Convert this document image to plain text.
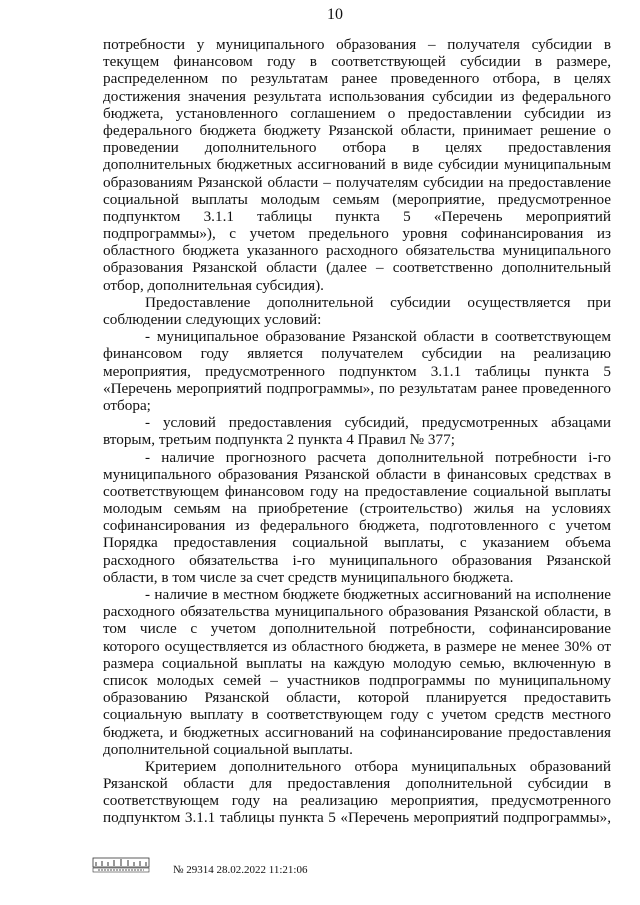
10
потребности у муниципального образования – получателя субсидии в
текущем финансовом году в соответствующей субсидии в размере,
распределенном по результатам ранее проведенного отбора, в целях
достижения значения результата использования субсидии из федерального
бюджета, установленного соглашением о предоставлении субсидии из
федерального бюджета бюджету Рязанской области, принимает решение о
проведении дополнительного отбора в целях предоставления
дополнительных бюджетных ассигнований в виде субсидии муниципальным
образованиям Рязанской области – получателям субсидии на предоставление
социальной выплаты молодым семьям (мероприятие, предусмотренное
подпунктом 3.1.1 таблицы пункта 5 «Перечень мероприятий
подпрограммы»), с учетом предельного уровня софинансирования из
областного бюджета указанного расходного обязательства муниципального
образования Рязанской области (далее – соответственно дополнительный
отбор, дополнительная субсидия).
Предоставление дополнительной субсидии осуществляется при
соблюдении следующих условий:
- муниципальное образование Рязанской области в соответствующем
финансовом году является получателем субсидии на реализацию
мероприятия, предусмотренного подпунктом 3.1.1 таблицы пункта 5
«Перечень мероприятий подпрограммы», по результатам ранее проведенного
отбора;
- условий предоставления субсидий, предусмотренных абзацами
вторым, третьим подпункта 2 пункта 4 Правил № 377;
- наличие прогнозного расчета дополнительной потребности i-го
муниципального образования Рязанской области в финансовых средствах в
соответствующем финансовом году на предоставление социальной выплаты
молодым семьям на приобретение (строительство) жилья на условиях
софинансирования из федерального бюджета, подготовленного с учетом
Порядка предоставления социальной выплаты, с указанием объема
расходного обязательства i-го муниципального образования Рязанской
области, в том числе за счет средств муниципального бюджета.
- наличие в местном бюджете бюджетных ассигнований на исполнение
расходного обязательства муниципального образования Рязанской области, в
том числе с учетом дополнительной потребности, софинансирование
которого осуществляется из областного бюджета, в размере не менее 30% от
размера социальной выплаты на каждую молодую семью, включенную в
список молодых семей – участников подпрограммы по муниципальному
образованию Рязанской области, которой планируется предоставить
социальную выплату в соответствующем году с учетом средств местного
бюджета, и бюджетных ассигнований на софинансирование предоставления
дополнительной социальной выплаты.
Критерием дополнительного отбора муниципальных образований
Рязанской области для предоставления дополнительной субсидии в
соответствующем году на реализацию мероприятия, предусмотренного
подпунктом 3.1.1 таблицы пункта 5 «Перечень мероприятий подпрограммы»,
№ 29314 28.02.2022 11:21:06
